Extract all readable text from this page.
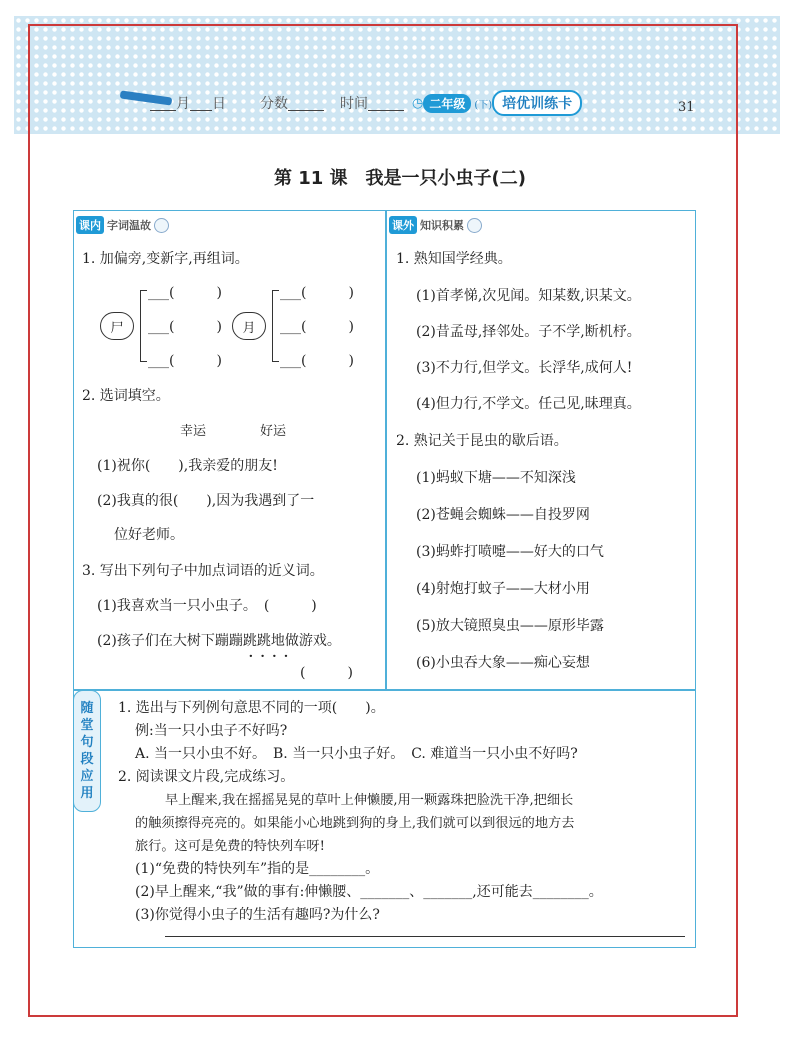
月 日 分数	时间	◷ 二年级 (下) 培优训练卡	31
第 11 课　我是一只小虫子(二)
课内 字词温故
1. 加偏旁,变新字,再组词。
尸
___(　　　)
___(　　　)
___(　　　)
月
___(　　　)
___(　　　)
___(　　　)
2. 选词填空。
幸运	好运
(1)祝你(　　),我亲爱的朋友!
(2)我真的很(　　),因为我遇到了一
位好老师。
3. 写出下列句子中加点词语的近义词。
(1)我喜欢当一只小虫子。　(　　　)
(2)孩子们在大树下蹦蹦跳跳地做游戏。
····
(　　　)
课外 知识积累
1. 熟知国学经典。
(1)首孝悌,次见闻。知某数,识某文。
(2)昔孟母,择邻处。子不学,断机杼。
(3)不力行,但学文。长浮华,成何人!
(4)但力行,不学文。任己见,昧理真。
2. 熟记关于昆虫的歇后语。
(1)蚂蚁下塘——不知深浅
(2)苍蝇会蜘蛛——自投罗网
(3)蚂蚱打喷嚏——好大的口气
(4)射炮打蚊子——大材小用
(5)放大镜照臭虫——原形毕露
(6)小虫吞大象——痴心妄想
随
堂
句
段
应
用
1. 选出与下列例句意思不同的一项(　　)。
例:当一只小虫子不好吗?
A. 当一只小虫不好。　B. 当一只小虫子好。　C. 难道当一只小虫不好吗?
2. 阅读课文片段,完成练习。
早上醒来,我在摇摇晃晃的草叶上伸懒腰,用一颗露珠把脸洗干净,把细长
的触须擦得亮亮的。如果能小心地跳到狗的身上,我们就可以到很远的地方去
旅行。这可是免费的特快列车呀!
(1)“免费的特快列车”指的是________。
(2)早上醒来,“我”做的事有:伸懒腰、_______、_______,还可能去________。
(3)你觉得小虫子的生活有趣吗?为什么?
